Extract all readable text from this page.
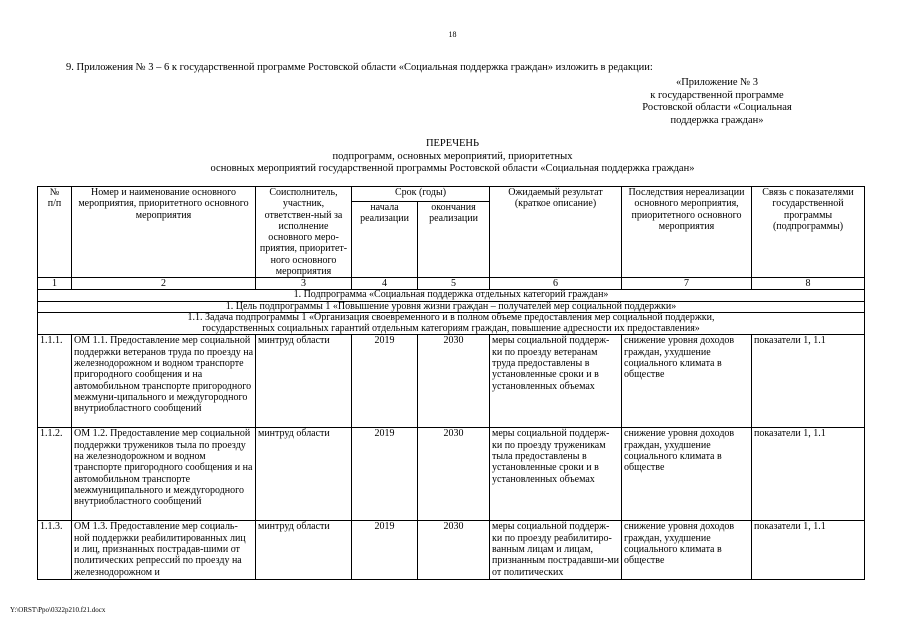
18
9. Приложения № 3 – 6 к государственной программе Ростовской области «Социальная поддержка граждан» изложить в редакции:
«Приложение № 3
к государственной программе
Ростовской области «Социальная
поддержка граждан»
ПЕРЕЧЕНЬ
подпрограмм, основных мероприятий, приоритетных
основных мероприятий государственной программы Ростовской области «Социальная поддержка граждан»
№
п/п	Номер и наименование основного мероприятия, приоритетного основного мероприятия	Соисполнитель, участник, ответствен-ный за исполнение основного меро-приятия, приоритет-ного основного мероприятия	Срок (годы)		Ожидаемый результат (краткое описание)	Последствия нереализации основного мероприятия, приоритетного основного мероприятия	Связь с показателями государственной программы (подпрограммы)
			начала реализации	окончания реализации			
1	2	3	4	5	6	7	8
1. Подпрограмма «Социальная поддержка отдельных категорий граждан»							
1. Цель подпрограммы 1 «Повышение уровня жизни граждан – получателей мер социальной поддержки»							

1.1. Задача подпрограммы 1 «Организация своевременного и в полном объеме предоставления мер социальной поддержки,
государственных социальных гарантий отдельным категориям граждан, повышение адресности их предоставления»							

1.1.1.	ОМ 1.1. Предоставление мер социальной поддержки ветеранов труда по проезду на железнодорожном и водном транспорте пригородного сообщения и на автомобильном транспорте пригородного межмуни-ципального и междугородного внутриобластного сообщений	минтруд области	2019	2030	меры социальной поддерж-ки по проезду ветеранам труда предоставлены в установленные сроки и в установленных объемах	снижение уровня доходов граждан, ухудшение социального климата в обществе	показатели 1, 1.1
1.1.2.	ОМ 1.2. Предоставление мер социальной поддержки тружеников тыла по проезду на железнодорожном и водном транспорте пригородного сообщения и на автомобильном транспорте межмуниципального и междугородного внутриобластного сообщений	минтруд области	2019	2030	меры социальной поддерж-ки по проезду труженикам тыла предоставлены в установленные сроки и в установленных объемах	снижение уровня доходов граждан, ухудшение социального климата в обществе	показатели 1, 1.1
1.1.3.	ОМ 1.3. Предоставление мер социаль-ной поддержки реабилитированных лиц и лиц, признанных пострадав-шими от политических репрессий по проезду на железнодорожном и	минтруд области	2019	2030	меры социальной поддерж-ки по проезду реабилитиро-ванным лицам и лицам, признанным пострадавши-ми от политических	снижение уровня доходов граждан, ухудшение социального климата в обществе	показатели 1, 1.1
Y:\ORST\Ppo\0322p210.f21.docx
